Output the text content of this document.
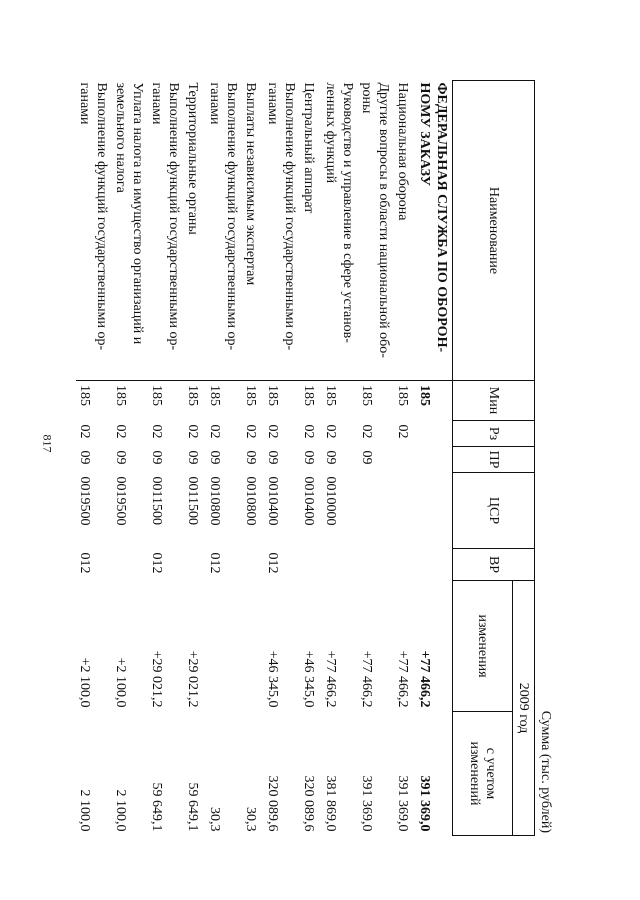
817
Сумма (тыс. рублей)
Наименование	Мин	Рз	ПР	ЦСР	ВР	2009 год	
						изменения	с учетом изменений
ФЕДЕРАЛЬНАЯ СЛУЖБА ПО ОБОРОН-НОМУ ЗАКАЗУ	185					+77 466,2	391 369,0
Национальная оборона	185	02				+77 466,2	391 369,0
Другие вопросы в области национальной обо-роны	185	02	09			+77 466,2	391 369,0
Руководство и управление в сфере установ-ленных функций	185	02	09	0010000		+77 466,2	381 869,0
Центральный аппарат	185	02	09	0010400		+46 345,0	320 089,6
Выполнение функций государственными ор-ганами	185	02	09	0010400	012	+46 345,0	320 089,6
Выплаты независимым экспертам	185	02	09	0010800			30,3
Выполнение функций государственными ор-ганами	185	02	09	0010800	012		30,3
Территориальные органы	185	02	09	0011500		+29 021,2	59 649,1
Выполнение функций государственными ор-ганами	185	02	09	0011500	012	+29 021,2	59 649,1
Уплата налога на имущество организаций и земельного налога	185	02	09	0019500		+2 100,0	2 100,0
Выполнение функций государственными ор-ганами	185	02	09	0019500	012	+2 100,0	2 100,0
